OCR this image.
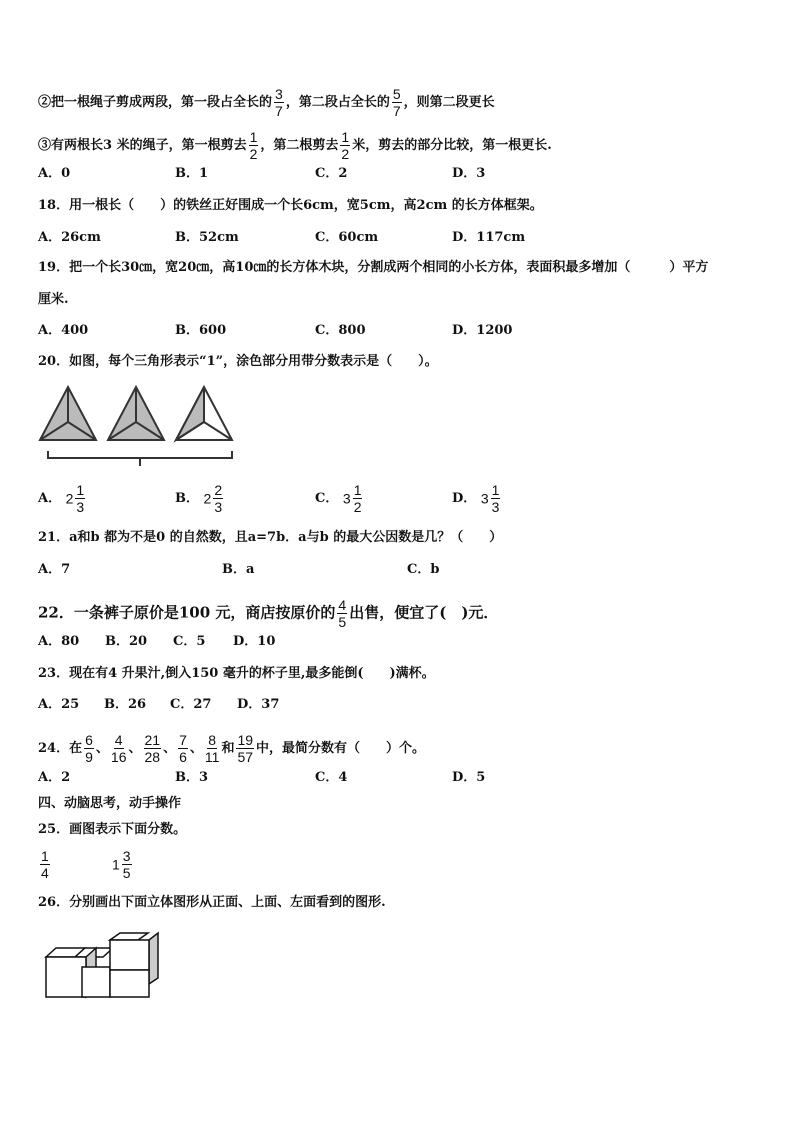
②把一根绳子剪成两段，第一段占全长的 $\frac{3}{7}$ ，第二段占全长的 $\frac{5}{7}$ ，则第二段更长
③有两根长3 米的绳子，第一根剪去 $\frac{1}{2}$ ，第二根剪去 $\frac{1}{2}$ 米，剪去的部分比较，第一根更长.
A．0	B．1	C．2	D．3
18．用一根长（　　）的铁丝正好围成一个长6cm，宽5cm，高2cm 的长方体框架。
A．26cm	B．52cm	C．60cm	D．117cm
19．把一个长30㎝，宽20㎝，高10㎝的长方体木块，分割成两个相同的小长方体，表面积最多增加（　　　）平方
厘米.
A．400	B．600	C．800	D．1200
20．如图，每个三角形表示“1”，涂色部分用带分数表示是（　　）。
A． $2 \frac{1}{3}$	B． $2 \frac{2}{3}$	C． $3 \frac{1}{2}$	D． $3 \frac{1}{3}$
21．a和b 都为不是0 的自然数，且a=7b．a与b 的最大公因数是几？（　　）
A．7	B．a	C．b
22．一条裤子原价是100 元，商店按原价的 $\frac{4}{5}$ 出售，便宜了(　)元．
A．80 B．20 C．5 D．10
23．现在有4 升果汁,倒入150 毫升的杯子里,最多能倒(　　)满杯。
A．25 B．26 C．27 D．37
24．在 $\frac{6}{9}$ 、 $\frac{4}{16}$ 、 $\frac{21}{28}$ 、 $\frac{7}{6}$ 、 $\frac{8}{11}$ 和 $\frac{19}{57}$ 中，最简分数有（　　）个。
A．2	B．3	C．4	D．5
四、动脑思考，动手操作
25．画图表示下面分数。
$\frac{1}{4}$	$1 \frac{3}{5}$
26．分别画出下面立体图形从正面、上面、左面看到的图形.
